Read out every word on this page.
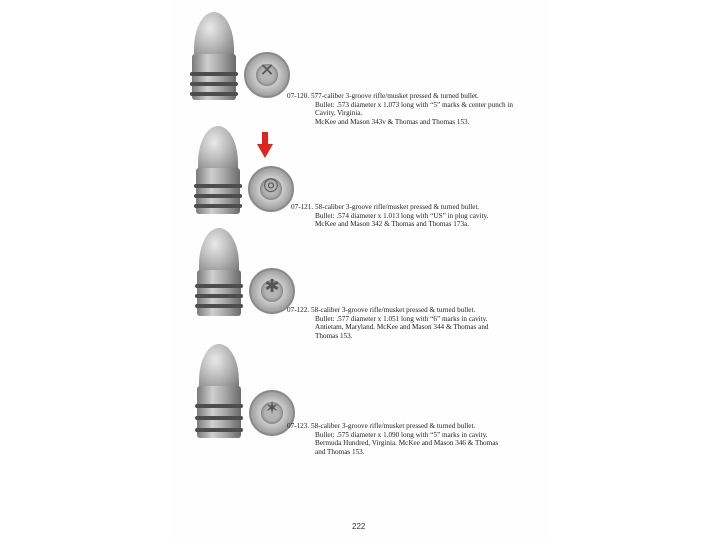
✕
07-120. 577-caliber 3-groove rifle/musket pressed & turned bullet.
Bullet: .573 diameter x 1.073 long with “5” marks & center punch in
Cavity, Virginia.
McKee and Mason 343v & Thomas and Thomas 153.
◎
07-121. 58-caliber 3-groove rifle/musket pressed & turned bullet.
Bullet: .574 diameter x 1.013 long with “US” in plug cavity.
McKee and Mason 342 & Thomas and Thomas 173a.
✱
07-122. 58-caliber 3-groove rifle/musket pressed & turned bullet.
Bullet: .577 diameter x 1.051 long with “6” marks in cavity.
Antietam, Maryland. McKee and Mason 344 & Thomas and
Thomas 153.
✶
07-123. 58-caliber 3-groove rifle/musket pressed & turned bullet.
Bullet: .575 diameter x 1.090 long with “5” marks in cavity.
Bermuda Hundred, Virginia. McKee and Mason 346 & Thomas
and Thomas 153.
222
